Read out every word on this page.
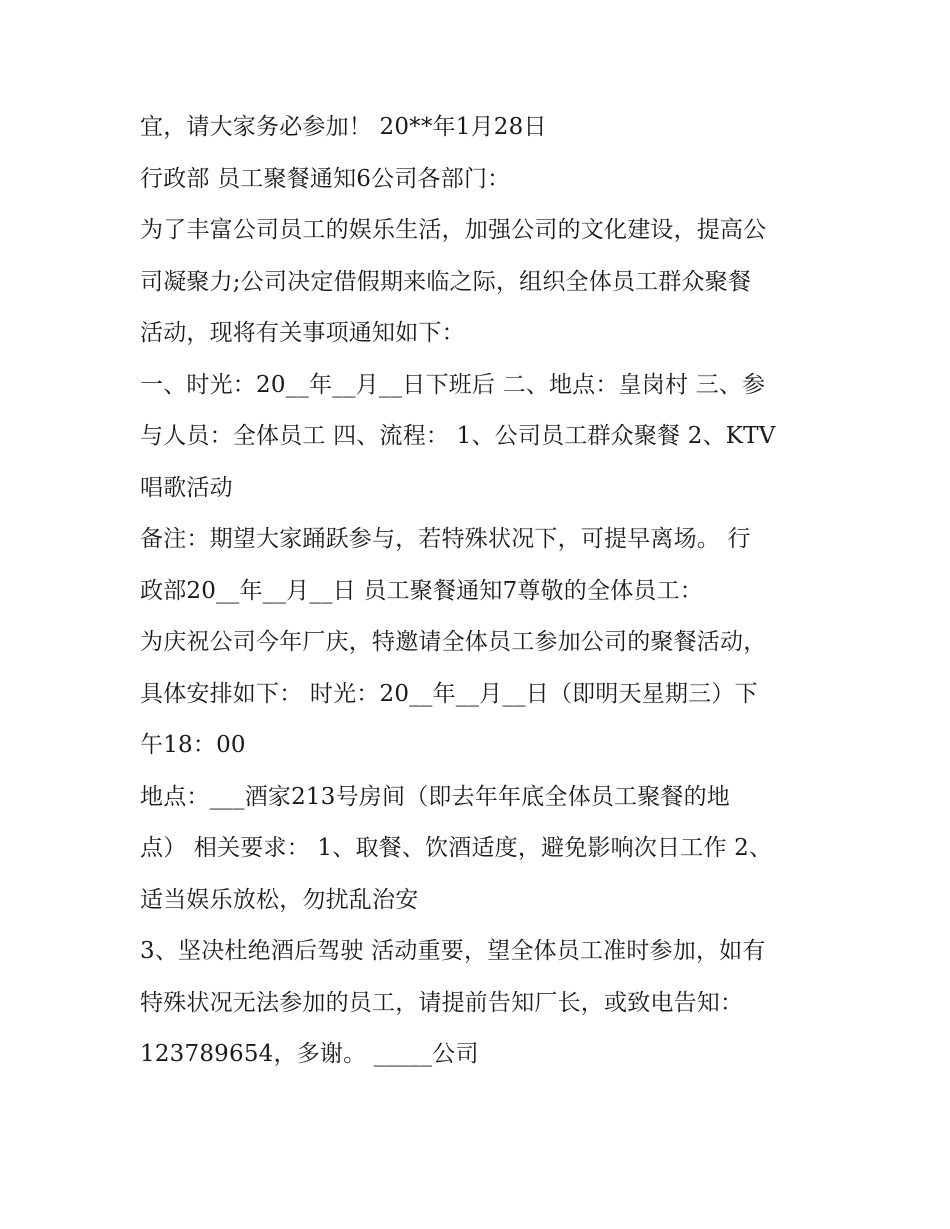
宜，请大家务必参加！ 20**年1月28日
行政部 员工聚餐通知6公司各部门：
为了丰富公司员工的娱乐生活，加强公司的文化建设，提高公
司凝聚力;公司决定借假期来临之际，组织全体员工群众聚餐
活动，现将有关事项通知如下：
一、时光：20__年__月__日下班后 二、地点：皇岗村 三、参
与人员：全体员工 四、流程： 1、公司员工群众聚餐 2、KTV
唱歌活动
备注：期望大家踊跃参与，若特殊状况下，可提早离场。 行
政部20__年__月__日 员工聚餐通知7尊敬的全体员工：
为庆祝公司今年厂庆，特邀请全体员工参加公司的聚餐活动，
具体安排如下： 时光：20__年__月__日（即明天星期三）下
午18：00
地点：___酒家213号房间（即去年年底全体员工聚餐的地
点） 相关要求： 1、取餐、饮酒适度，避免影响次日工作 2、
适当娱乐放松，勿扰乱治安
3、坚决杜绝酒后驾驶 活动重要，望全体员工准时参加，如有
特殊状况无法参加的员工，请提前告知厂长，或致电告知：
123789654，多谢。 _____公司
